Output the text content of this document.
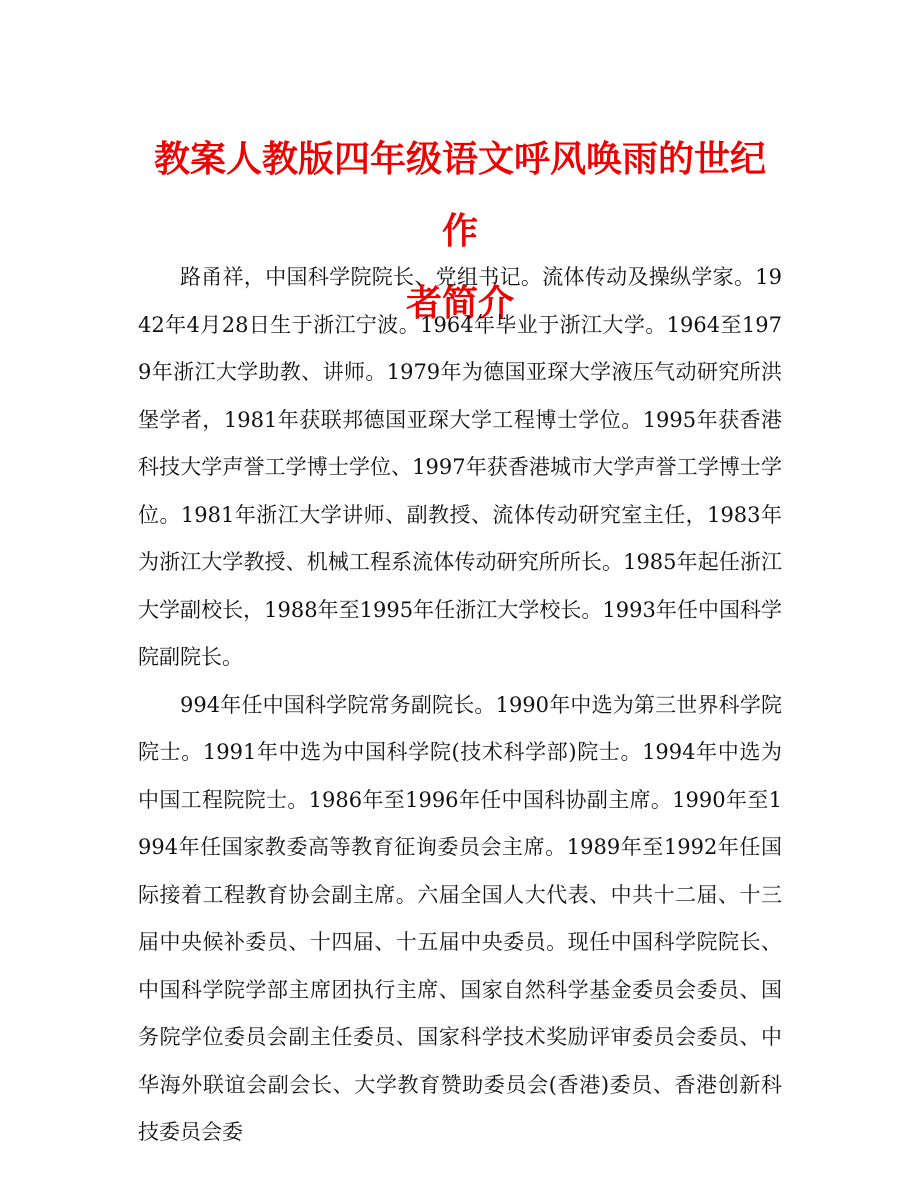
教案人教版四年级语文呼风唤雨的世纪作
者简介

路甬祥，中国科学院院长、党组书记。流体传动及操纵学家。1942年4月28日生于浙江宁波。1964年毕业于浙江大学。1964至1979年浙江大学助教、讲师。1979年为德国亚琛大学液压气动研究所洪堡学者，1981年获联邦德国亚琛大学工程博士学位。1995年获香港科技大学声誉工学博士学位、1997年获香港城市大学声誉工学博士学位。1981年浙江大学讲师、副教授、流体传动研究室主任，1983年为浙江大学教授、机械工程系流体传动研究所所长。1985年起任浙江大学副校长，1988年至1995年任浙江大学校长。1993年任中国科学院副院长。

994年任中国科学院常务副院长。1990年中选为第三世界科学院院士。1991年中选为中国科学院(技术科学部)院士。1994年中选为中国工程院院士。1986年至1996年任中国科协副主席。1990年至1994年任国家教委高等教育征询委员会主席。1989年至1992年任国际接着工程教育协会副主席。六届全国人大代表、中共十二届、十三届中央候补委员、十四届、十五届中央委员。现任中国科学院院长、中国科学院学部主席团执行主席、国家自然科学基金委员会委员、国务院学位委员会副主任委员、国家科学技术奖励评审委员会委员、中华海外联谊会副会长、大学教育赞助委员会(香港)委员、香港创新科技委员会委
